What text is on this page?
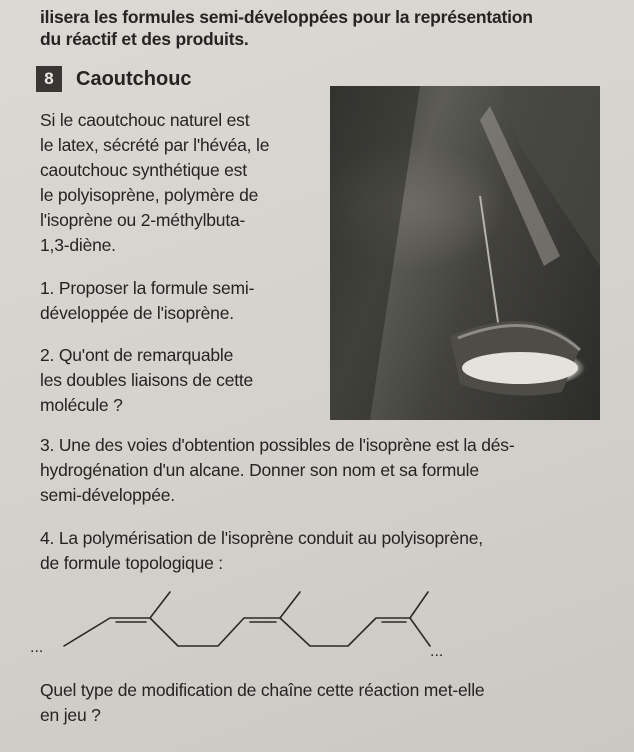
ilisera les formules semi-développées pour la représentation
du réactif et des produits.
8	Caoutchouc
Si le caoutchouc naturel est
le latex, sécrété par l'hévéa, le
caoutchouc synthétique est
le polyisoprène, polymère de
l'isoprène ou 2-méthylbuta-
1,3-diène.
1. Proposer la formule semi-
développée de l'isoprène.
2. Qu'ont de remarquable
les doubles liaisons de cette
molécule ?
3. Une des voies d'obtention possibles de l'isoprène est la dés-
hydrogénation d'un alcane. Donner son nom et sa formule
semi-développée.
4. La polymérisation de l'isoprène conduit au polyisoprène,
de formule topologique :
...	...
Quel type de modification de chaîne cette réaction met-elle
en jeu ?
